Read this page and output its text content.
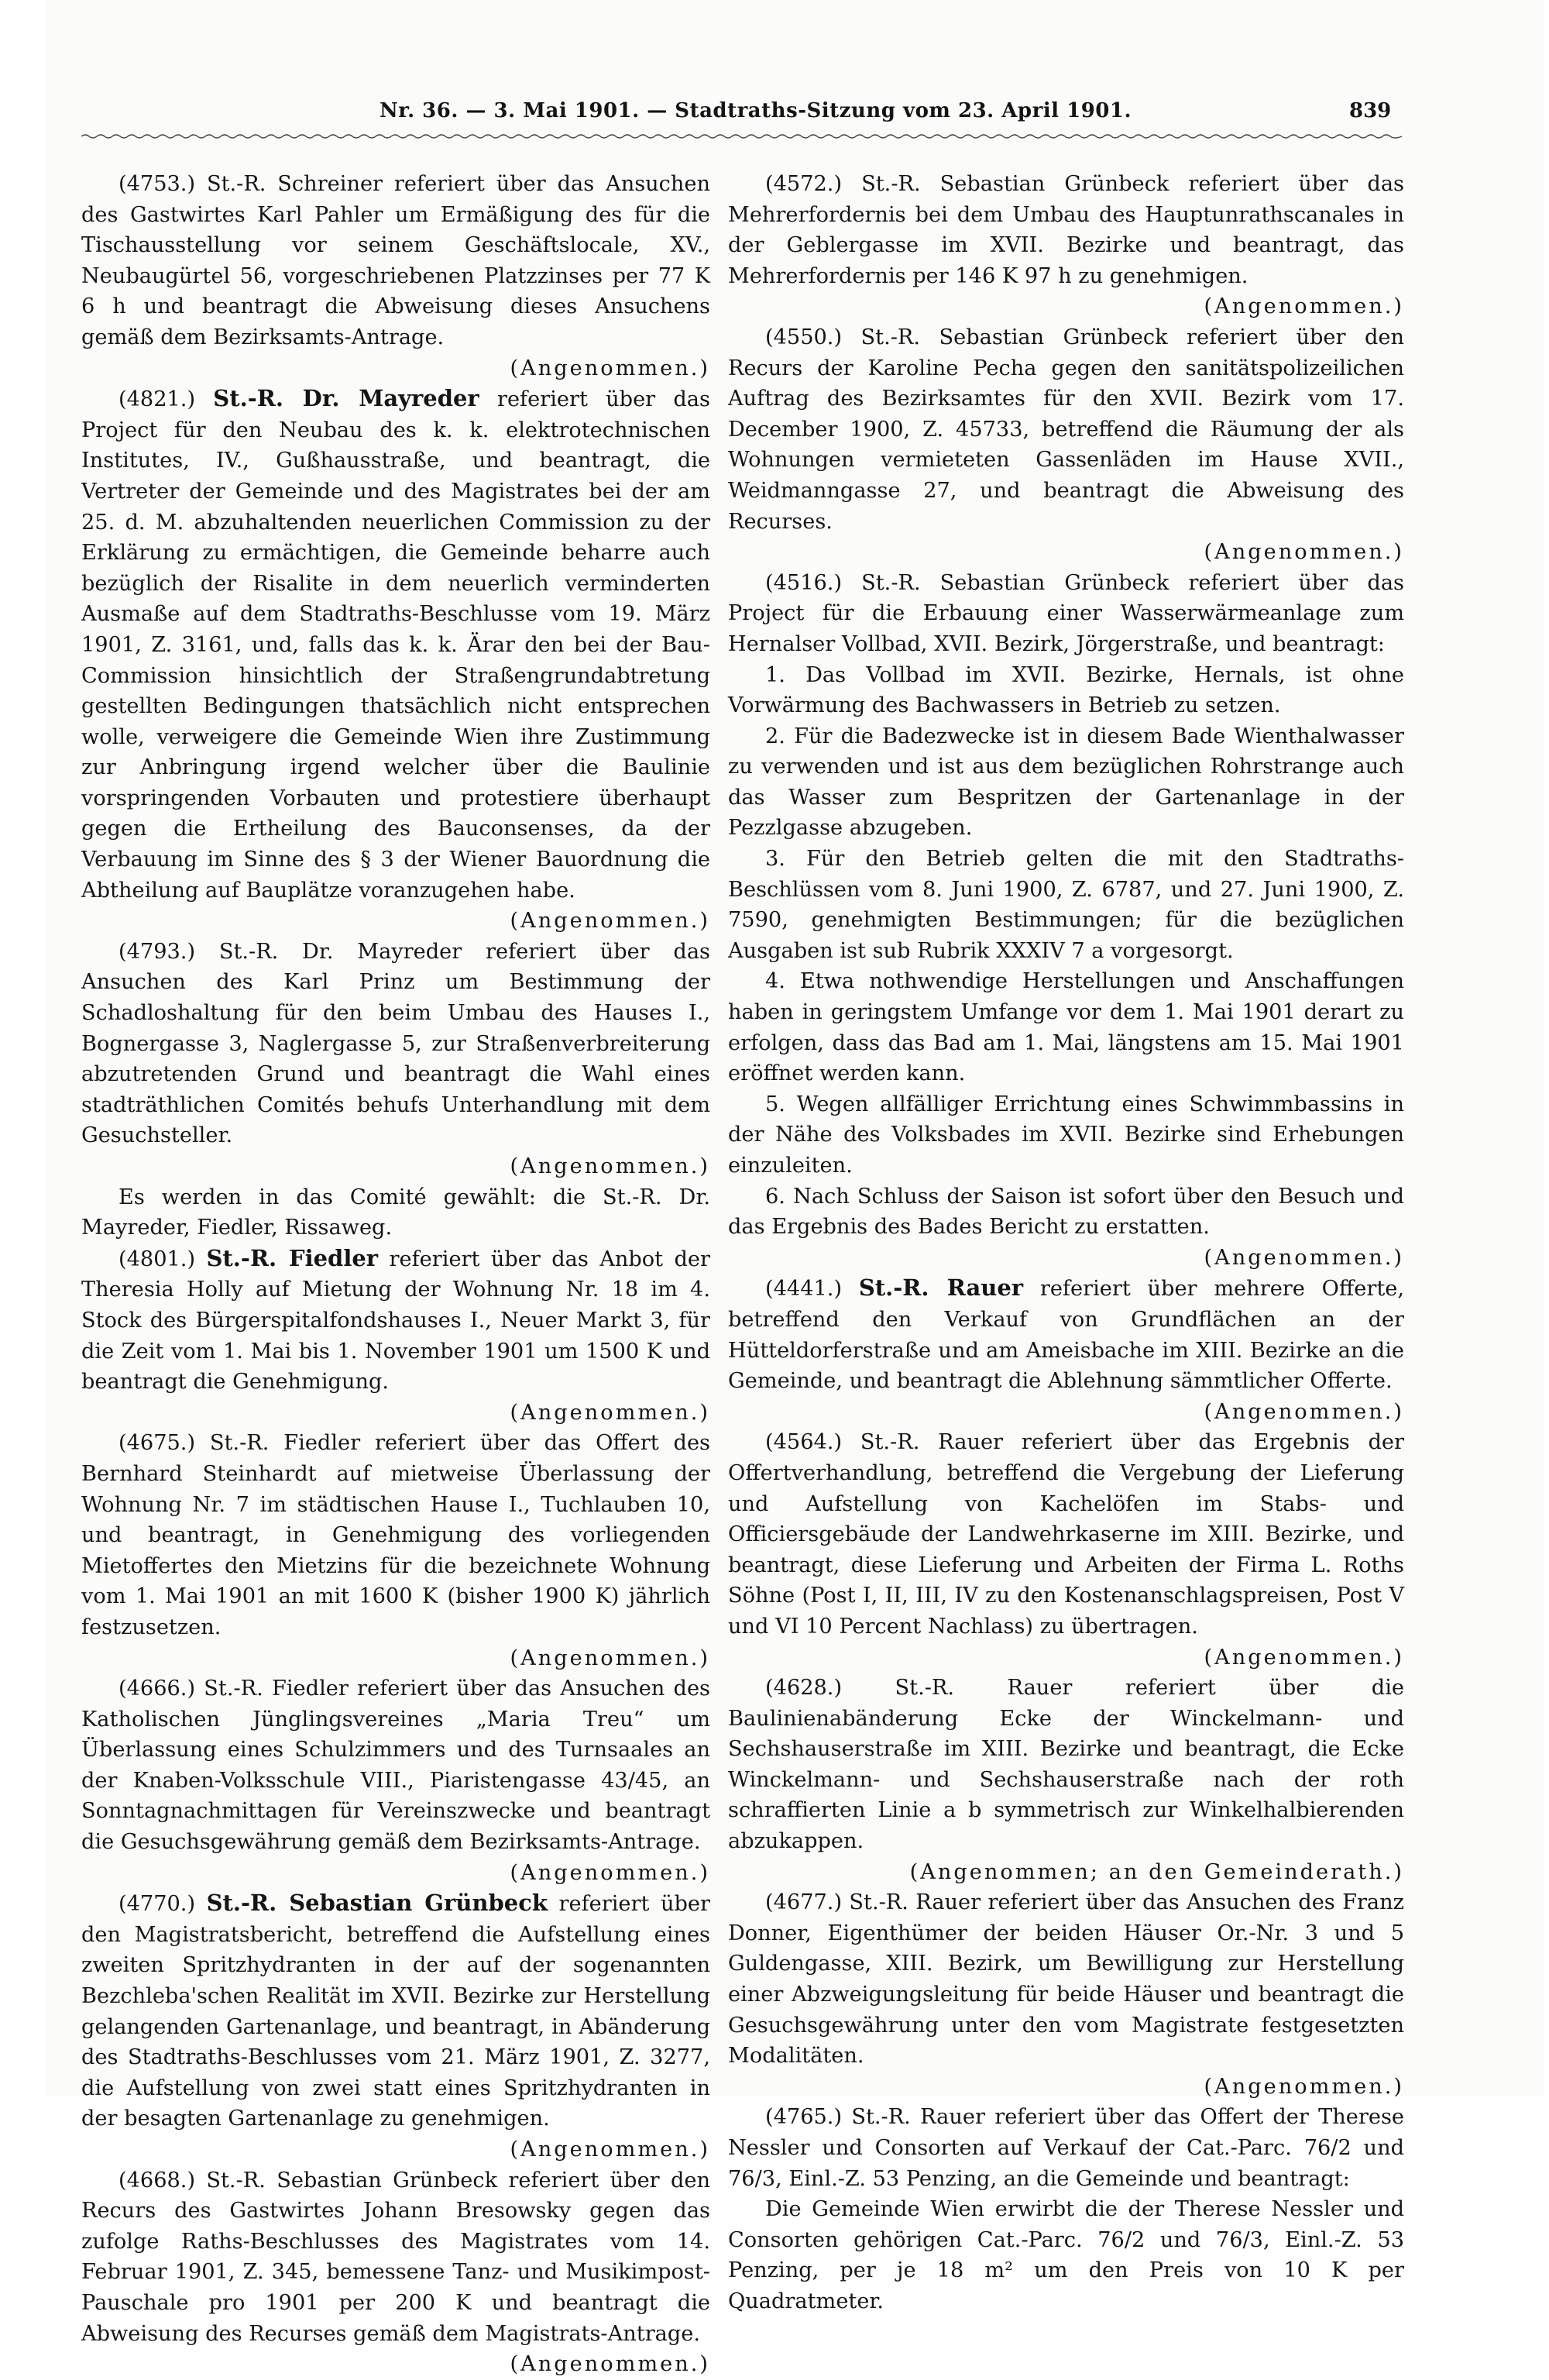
Nr. 36. — 3. Mai 1901. — Stadtraths-Sitzung vom 23. April 1901.	839

(4753.) St.-R. Schreiner referiert über das Ansuchen des Gastwirtes Karl Pahler um Ermäßigung des für die Tischausstellung vor seinem Geschäftslocale, XV., Neubaugürtel 56, vorgeschriebenen Platzzinses per 77 K 6 h und beantragt die Abweisung dieses Ansuchens gemäß dem Bezirksamts-Antrage.

(Angenommen.)

(4821.) St.-R. Dr. Mayreder referiert über das Project für den Neubau des k. k. elektrotechnischen Institutes, IV., Gußhausstraße, und beantragt, die Vertreter der Gemeinde und des Magistrates bei der am 25. d. M. abzuhaltenden neuerlichen Commission zu der Erklärung zu ermächtigen, die Gemeinde beharre auch bezüglich der Risalite in dem neuerlich verminderten Ausmaße auf dem Stadtraths-Beschlusse vom 19. März 1901, Z. 3161, und, falls das k. k. Ärar den bei der Bau-Commission hinsichtlich der Straßengrundabtretung gestellten Bedingungen thatsächlich nicht entsprechen wolle, verweigere die Gemeinde Wien ihre Zustimmung zur Anbringung irgend welcher über die Baulinie vorspringenden Vorbauten und protestiere überhaupt gegen die Ertheilung des Bauconsenses, da der Verbauung im Sinne des § 3 der Wiener Bauordnung die Abtheilung auf Bauplätze voranzugehen habe.

(Angenommen.)

(4793.) St.-R. Dr. Mayreder referiert über das Ansuchen des Karl Prinz um Bestimmung der Schadloshaltung für den beim Umbau des Hauses I., Bognergasse 3, Naglergasse 5, zur Straßenverbreiterung abzutretenden Grund und beantragt die Wahl eines stadträthlichen Comités behufs Unterhandlung mit dem Gesuchsteller.

(Angenommen.)

Es werden in das Comité gewählt: die St.-R. Dr. Mayreder, Fiedler, Rissaweg.

(4801.) St.-R. Fiedler referiert über das Anbot der Theresia Holly auf Mietung der Wohnung Nr. 18 im 4. Stock des Bürgerspitalfondshauses I., Neuer Markt 3, für die Zeit vom 1. Mai bis 1. November 1901 um 1500 K und beantragt die Genehmigung.

(Angenommen.)

(4675.) St.-R. Fiedler referiert über das Offert des Bernhard Steinhardt auf mietweise Überlassung der Wohnung Nr. 7 im städtischen Hause I., Tuchlauben 10, und beantragt, in Genehmigung des vorliegenden Mietoffertes den Mietzins für die bezeichnete Wohnung vom 1. Mai 1901 an mit 1600 K (bisher 1900 K) jährlich festzusetzen.

(Angenommen.)

(4666.) St.-R. Fiedler referiert über das Ansuchen des Katholischen Jünglingsvereines „Maria Treu“ um Überlassung eines Schulzimmers und des Turnsaales an der Knaben-Volksschule VIII., Piaristengasse 43/45, an Sonntagnachmittagen für Vereinszwecke und beantragt die Gesuchsgewährung gemäß dem Bezirksamts-Antrage.

(Angenommen.)

(4770.) St.-R. Sebastian Grünbeck referiert über den Magistratsbericht, betreffend die Aufstellung eines zweiten Spritzhydranten in der auf der sogenannten Bezchleba'schen Realität im XVII. Bezirke zur Herstellung gelangenden Gartenanlage, und beantragt, in Abänderung des Stadtraths-Beschlusses vom 21. März 1901, Z. 3277, die Aufstellung von zwei statt eines Spritzhydranten in der besagten Gartenanlage zu genehmigen.

(Angenommen.)

(4668.) St.-R. Sebastian Grünbeck referiert über den Recurs des Gastwirtes Johann Bresowsky gegen das zufolge Raths-Beschlusses des Magistrates vom 14. Februar 1901, Z. 345, bemessene Tanz- und Musikimpost-Pauschale pro 1901 per 200 K und beantragt die Abweisung des Recurses gemäß dem Magistrats-Antrage.

(Angenommen.)

(4572.) St.-R. Sebastian Grünbeck referiert über das Mehrerfordernis bei dem Umbau des Hauptunrathscanales in der Geblergasse im XVII. Bezirke und beantragt, das Mehrerfordernis per 146 K 97 h zu genehmigen.

(Angenommen.)

(4550.) St.-R. Sebastian Grünbeck referiert über den Recurs der Karoline Pecha gegen den sanitätspolizeilichen Auftrag des Bezirksamtes für den XVII. Bezirk vom 17. December 1900, Z. 45733, betreffend die Räumung der als Wohnungen vermieteten Gassenläden im Hause XVII., Weidmanngasse 27, und beantragt die Abweisung des Recurses.

(Angenommen.)

(4516.) St.-R. Sebastian Grünbeck referiert über das Project für die Erbauung einer Wasserwärmeanlage zum Hernalser Vollbad, XVII. Bezirk, Jörgerstraße, und beantragt:

1. Das Vollbad im XVII. Bezirke, Hernals, ist ohne Vorwärmung des Bachwassers in Betrieb zu setzen.

2. Für die Badezwecke ist in diesem Bade Wienthalwasser zu verwenden und ist aus dem bezüglichen Rohrstrange auch das Wasser zum Bespritzen der Gartenanlage in der Pezzlgasse abzugeben.

3. Für den Betrieb gelten die mit den Stadtraths-Beschlüssen vom 8. Juni 1900, Z. 6787, und 27. Juni 1900, Z. 7590, genehmigten Bestimmungen; für die bezüglichen Ausgaben ist sub Rubrik XXXIV 7 a vorgesorgt.

4. Etwa nothwendige Herstellungen und Anschaffungen haben in geringstem Umfange vor dem 1. Mai 1901 derart zu erfolgen, dass das Bad am 1. Mai, längstens am 15. Mai 1901 eröffnet werden kann.

5. Wegen allfälliger Errichtung eines Schwimmbassins in der Nähe des Volksbades im XVII. Bezirke sind Erhebungen einzuleiten.

6. Nach Schluss der Saison ist sofort über den Besuch und das Ergebnis des Bades Bericht zu erstatten.

(Angenommen.)

(4441.) St.-R. Rauer referiert über mehrere Offerte, betreffend den Verkauf von Grundflächen an der Hütteldorferstraße und am Ameisbache im XIII. Bezirke an die Gemeinde, und beantragt die Ablehnung sämmtlicher Offerte.

(Angenommen.)

(4564.) St.-R. Rauer referiert über das Ergebnis der Offertverhandlung, betreffend die Vergebung der Lieferung und Aufstellung von Kachelöfen im Stabs- und Officiersgebäude der Landwehrkaserne im XIII. Bezirke, und beantragt, diese Lieferung und Arbeiten der Firma L. Roths Söhne (Post I, II, III, IV zu den Kostenanschlagspreisen, Post V und VI 10 Percent Nachlass) zu übertragen.

(Angenommen.)

(4628.)	St.-R. Rauer referiert über die Baulinienabänderung Ecke der Winckelmann- und Sechshauserstraße im XIII. Bezirke und beantragt, die Ecke Winckelmann- und Sechshauserstraße nach der roth schraffierten Linie a b symmetrisch zur Winkelhalbierenden abzukappen.

(Angenommen; an den Gemeinderath.)

(4677.) St.-R. Rauer referiert über das Ansuchen des Franz Donner, Eigenthümer der beiden Häuser Or.-Nr. 3 und 5 Guldengasse, XIII. Bezirk, um Bewilligung zur Herstellung einer Abzweigungsleitung für beide Häuser und beantragt die Gesuchsgewährung unter den vom Magistrate festgesetzten Modalitäten.

(Angenommen.)

(4765.) St.-R. Rauer referiert über das Offert der Therese Nessler und Consorten auf Verkauf der Cat.-Parc. 76/2 und 76/3, Einl.-Z. 53 Penzing, an die Gemeinde und beantragt:

Die Gemeinde Wien erwirbt die der Therese Nessler und Consorten gehörigen Cat.-Parc. 76/2 und 76/3, Einl.-Z. 53 Penzing, per je 18 m² um den Preis von 10 K per Quadratmeter.
